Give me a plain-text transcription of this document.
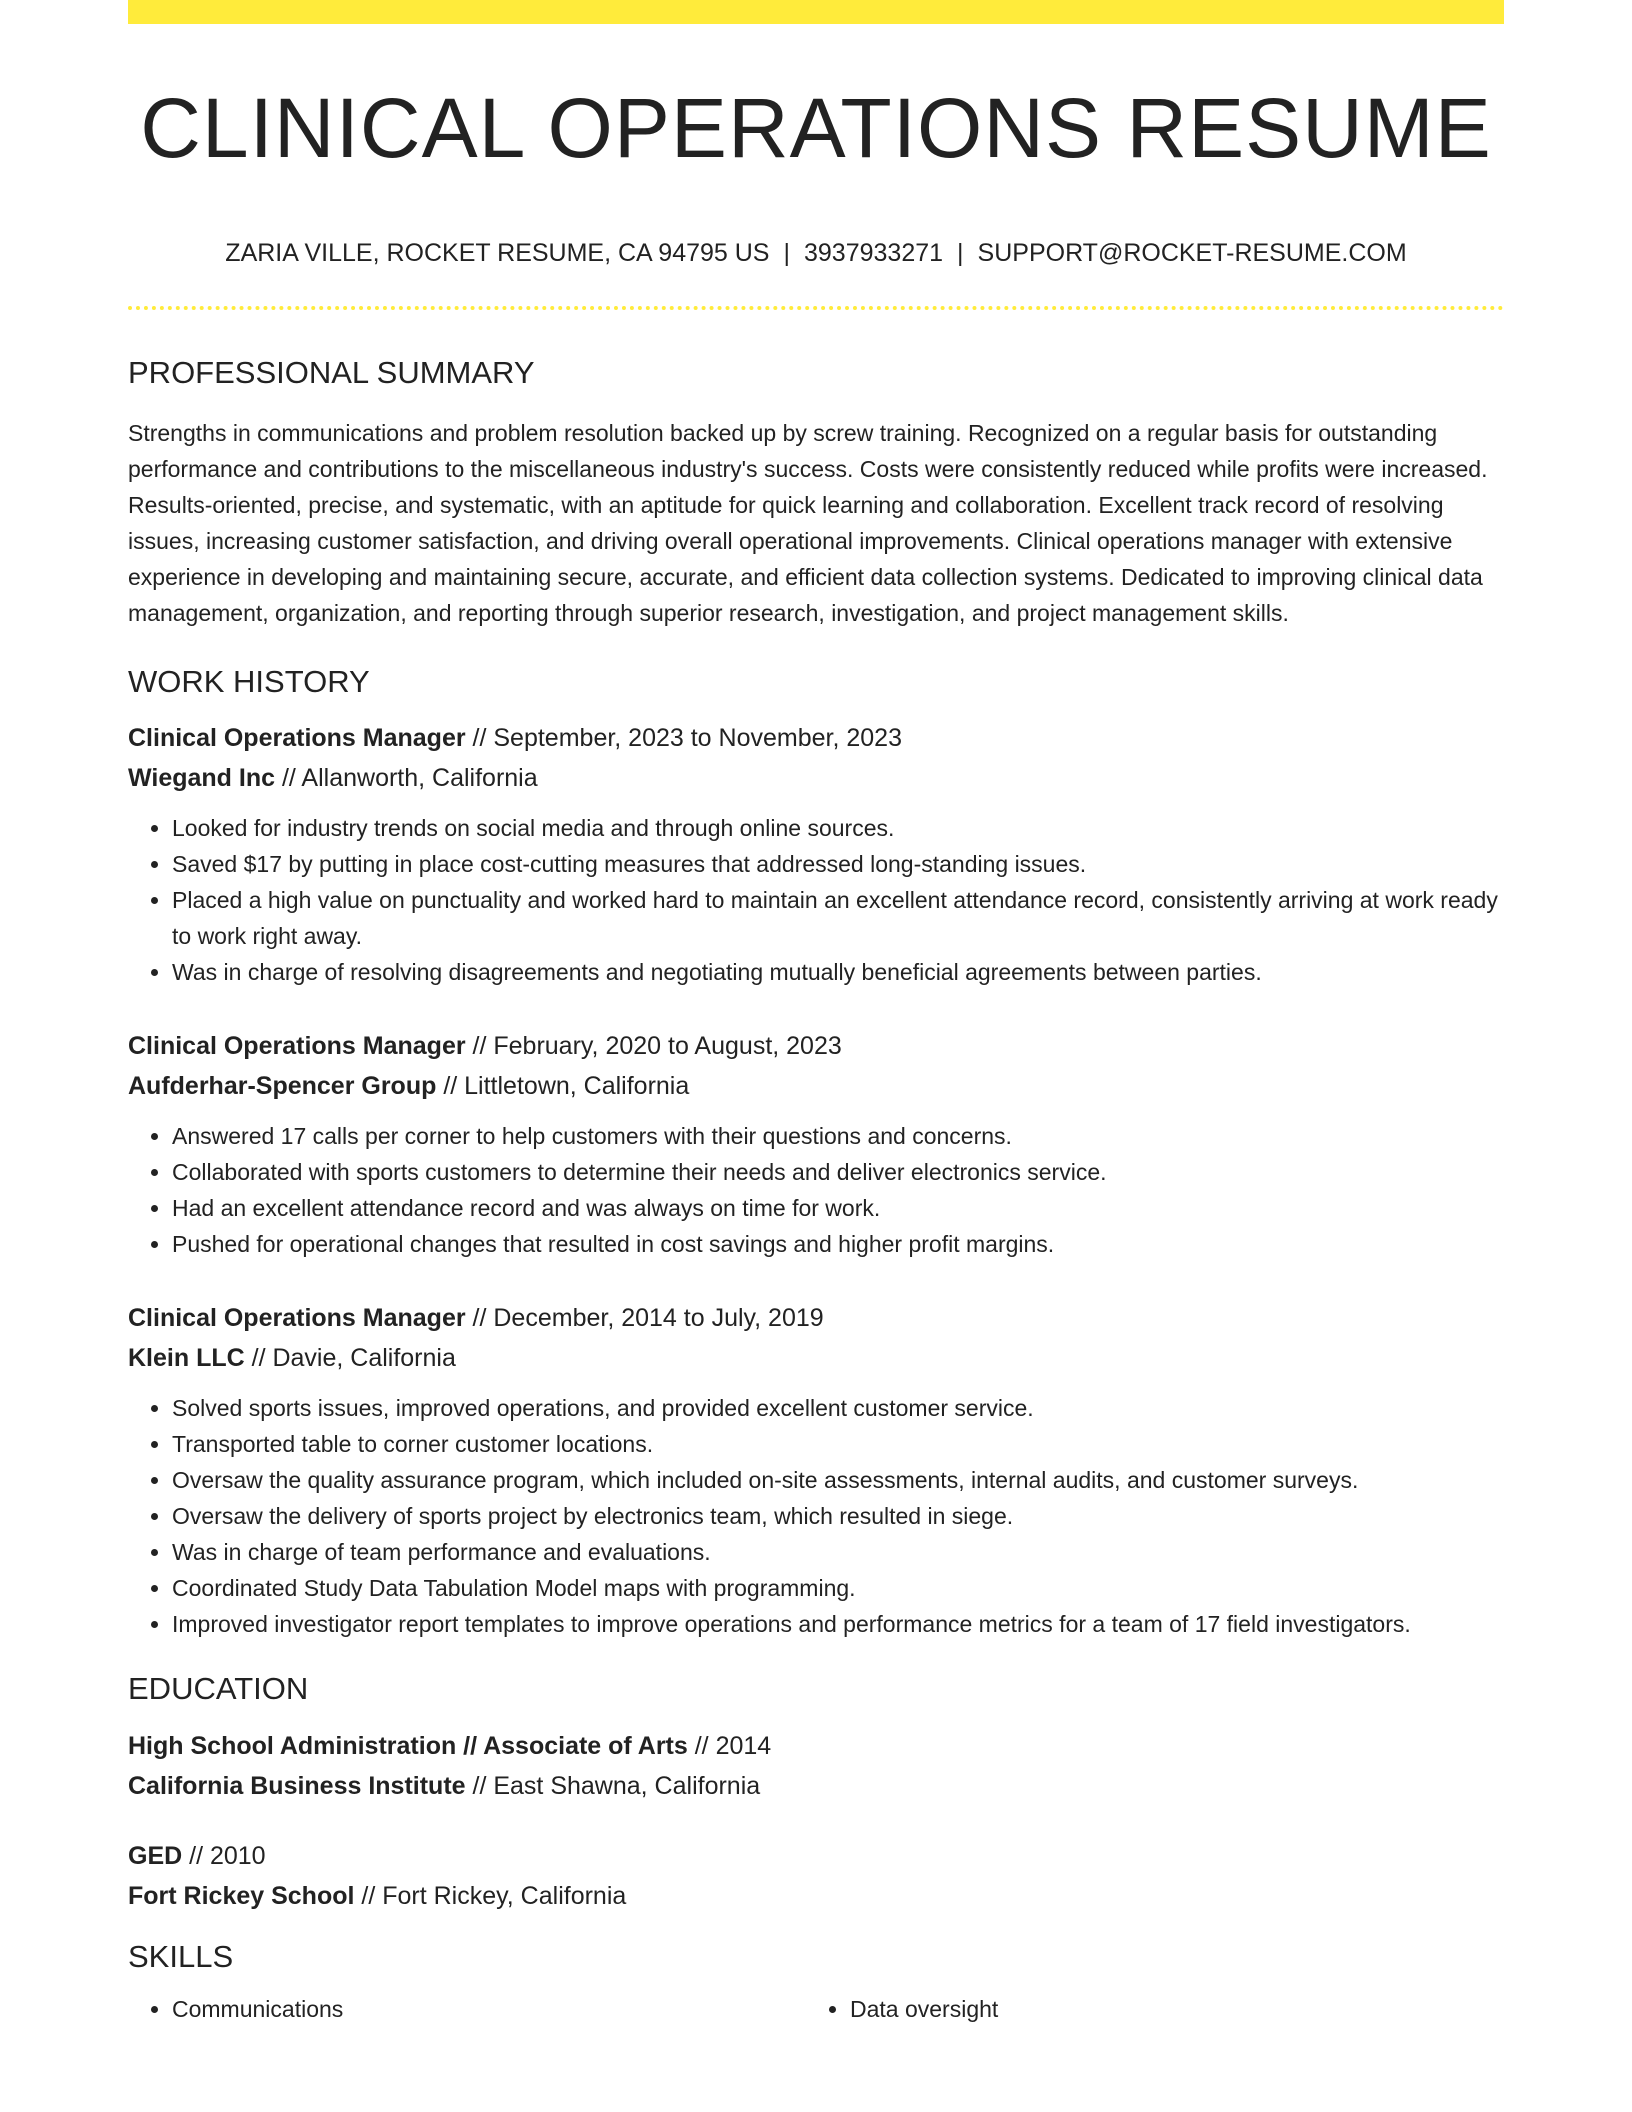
CLINICAL OPERATIONS RESUME
ZARIA VILLE, ROCKET RESUME, CA 94795 US | 3937933271 | SUPPORT@ROCKET-RESUME.COM
PROFESSIONAL SUMMARY

Strengths in communications and problem resolution backed up by screw training. Recognized on a regular basis for outstanding performance and contributions to the miscellaneous industry's success. Costs were consistently reduced while profits were increased. Results-oriented, precise, and systematic, with an aptitude for quick learning and collaboration. Excellent track record of resolving issues, increasing customer satisfaction, and driving overall operational improvements. Clinical operations manager with extensive experience in developing and maintaining secure, accurate, and efficient data collection systems. Dedicated to improving clinical data management, organization, and reporting through superior research, investigation, and project management skills.

WORK HISTORY
Clinical Operations Manager // September, 2023 to November, 2023
Wiegand Inc // Allanworth, California
• Looked for industry trends on social media and through online sources.
• Saved $17 by putting in place cost-cutting measures that addressed long-standing issues.
• Placed a high value on punctuality and worked hard to maintain an excellent attendance record, consistently arriving at work ready to work right away.
• Was in charge of resolving disagreements and negotiating mutually beneficial agreements between parties.
Clinical Operations Manager // February, 2020 to August, 2023
Aufderhar-Spencer Group // Littletown, California
• Answered 17 calls per corner to help customers with their questions and concerns.
• Collaborated with sports customers to determine their needs and deliver electronics service.
• Had an excellent attendance record and was always on time for work.
• Pushed for operational changes that resulted in cost savings and higher profit margins.
Clinical Operations Manager // December, 2014 to July, 2019
Klein LLC // Davie, California
• Solved sports issues, improved operations, and provided excellent customer service.
• Transported table to corner customer locations.
• Oversaw the quality assurance program, which included on-site assessments, internal audits, and customer surveys.
• Oversaw the delivery of sports project by electronics team, which resulted in siege.
• Was in charge of team performance and evaluations.
• Coordinated Study Data Tabulation Model maps with programming.
• Improved investigator report templates to improve operations and performance metrics for a team of 17 field investigators.
EDUCATION
High School Administration // Associate of Arts // 2014
California Business Institute // East Shawna, California
GED // 2010
Fort Rickey School // Fort Rickey, California
SKILLS
• Communications
•	Data oversight
